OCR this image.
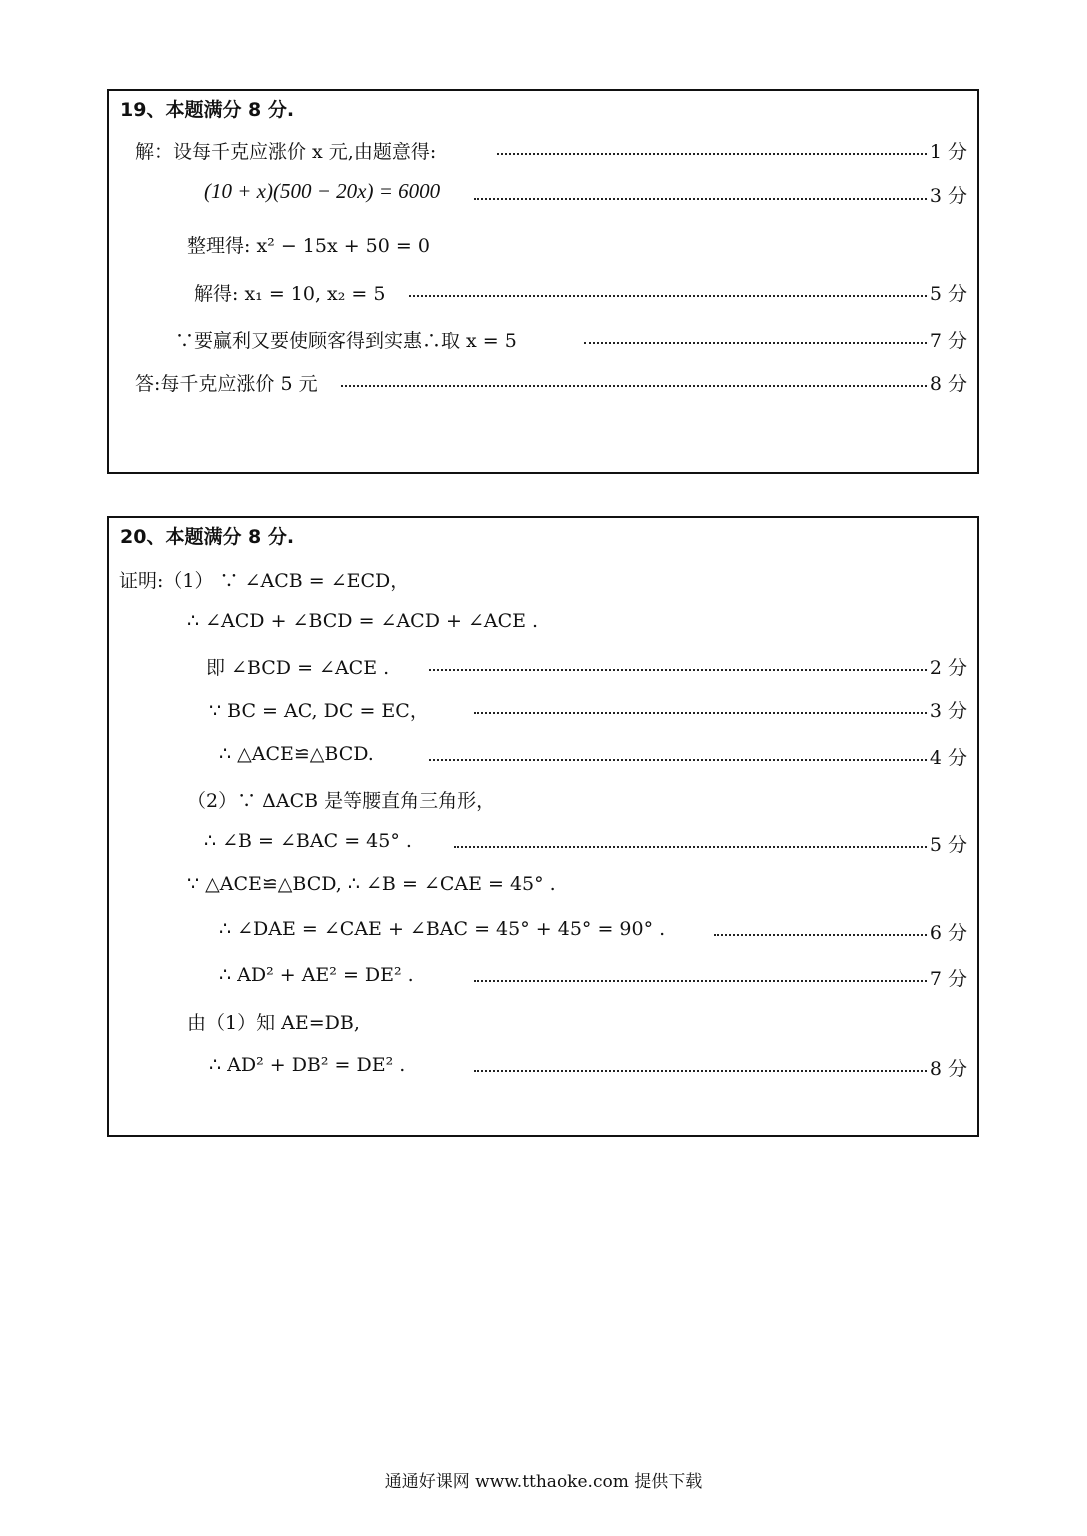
19、本题满分 8 分.
解：设每千克应涨价 x 元,由题意得:	1 分
(10 + x)(500 − 20x) = 6000	3 分
整理得: x² − 15x + 50 = 0
解得: x₁ = 10, x₂ = 5	5 分
∵要赢利又要使顾客得到实惠∴取 x = 5	7 分
答:每千克应涨价 5 元	8 分
20、本题满分 8 分.
证明:（1） ∵ ∠ACB = ∠ECD，
∴ ∠ACD + ∠BCD = ∠ACD + ∠ACE .
即 ∠BCD = ∠ACE .	2 分
∵ BC = AC, DC = EC，	3 分
∴ △ACE≌△BCD.	4 分
（2）∵ ΔACB 是等腰直角三角形，
∴ ∠B = ∠BAC = 45° .	5 分
∵ △ACE≌△BCD, ∴ ∠B = ∠CAE = 45° .
∴ ∠DAE = ∠CAE + ∠BAC = 45° + 45° = 90° .	6 分
∴ AD² + AE² = DE² .	7 分
由（1）知 AE=DB,
∴ AD² + DB² = DE² .	8 分
通通好课网 www.tthaoke.com 提供下载
